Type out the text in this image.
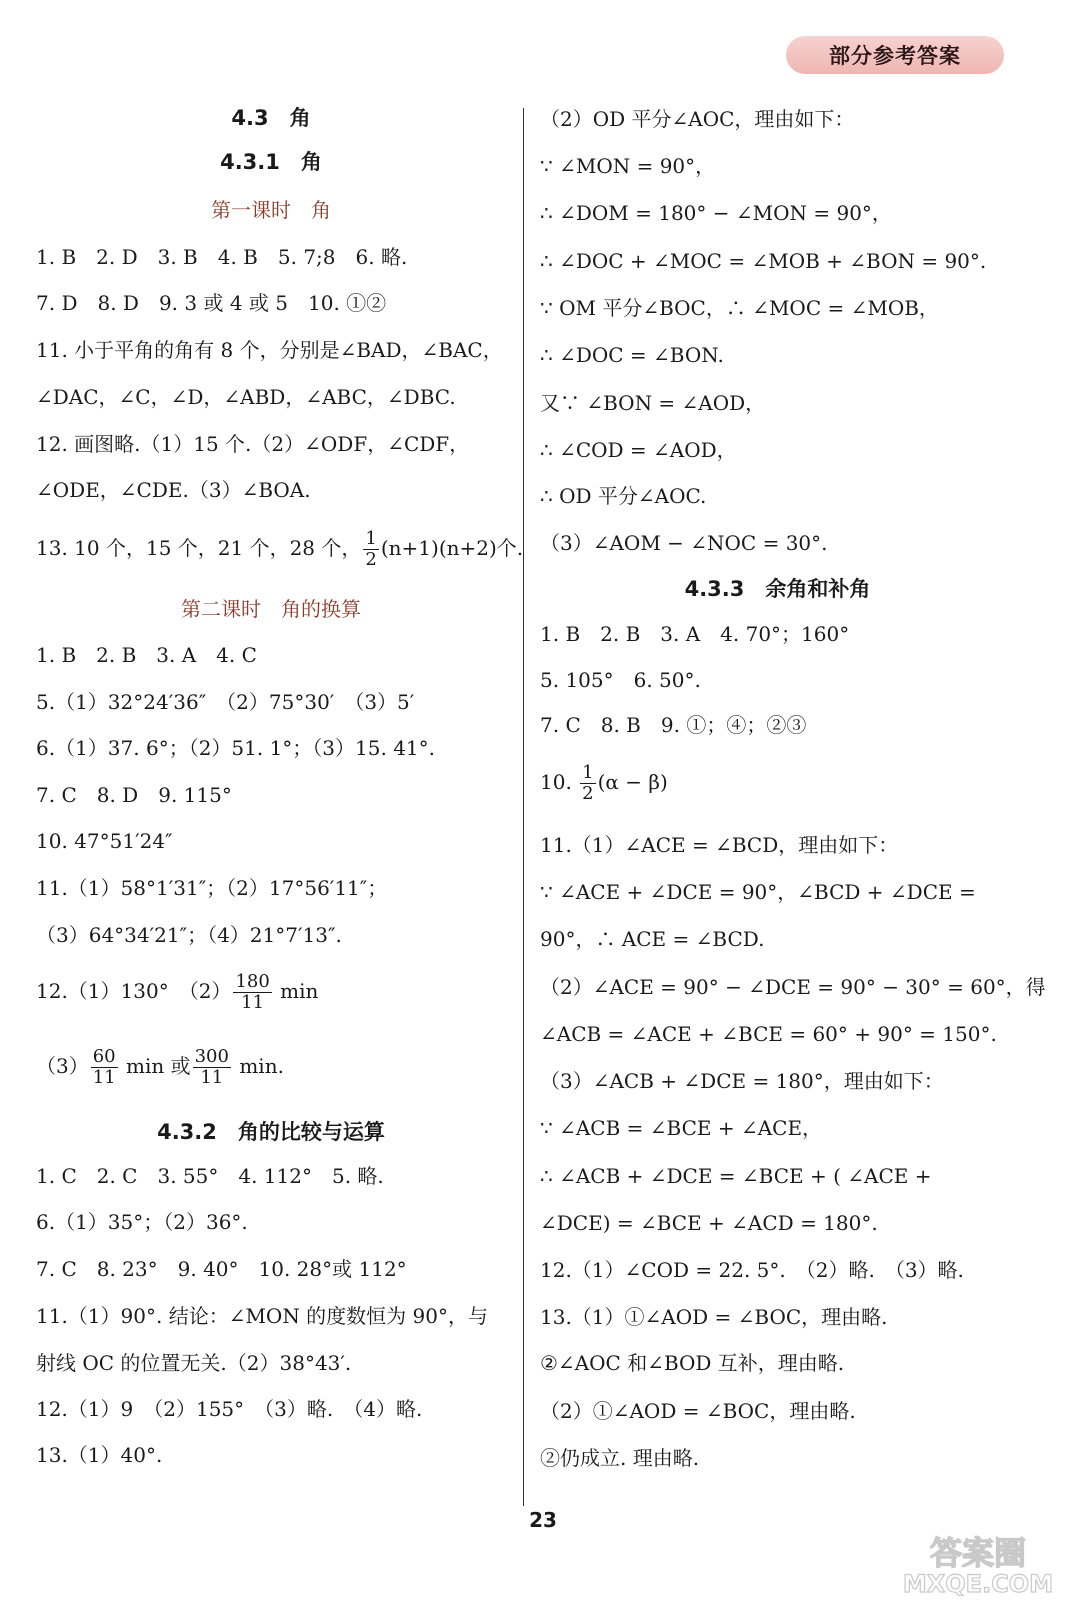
部分参考答案
4.3　角
4.3.1　角
第一课时　角
1. B　2. D　3. B　4. B　5. 7;8　6. 略.
7. D　8. D　9. 3 或 4 或 5　10. ①②
11. 小于平角的角有 8 个，分别是∠BAD，∠BAC，
∠DAC，∠C，∠D，∠ABD，∠ABC，∠DBC.
12. 画图略.（1）15 个.（2）∠ODF，∠CDF，
∠ODE，∠CDE.（3）∠BOA.
13. 10 个，15 个，21 个，28 个， $\frac{1}{2} (n+1)(n+2)$个.
第二课时　角的换算
1. B　2. B　3. A　4. C
5.（1）32°24′36″　（2）75°30′　（3）5′
6.（1）37. 6°；（2）51. 1°；（3）15. 41°.
7. C　8. D　9. 115°
10. 47°51′24″
11.（1）58°1′31″；（2）17°56′11″；
（3）64°34′21″；（4）21°7′13″.
12.（1）130°　$(2) \frac{180}{11}$ min
$(3) \frac{60}{11}$ min 或 $\frac{300}{11} \min$.
4.3.2　角的比较与运算
1. C　2. C　3. 55°　4. 112°　5. 略.
6.（1）35°；（2）36°.
7. C　8. 23°　9. 40°　10. 28°或 112°
11.（1）90°. 结论：∠MON 的度数恒为 90°，与
射线 OC 的位置无关.（2）38°43′.
12.（1）9　（2）155°　（3）略.　（4）略.
13.（1）40°.
（2）OD 平分∠AOC，理由如下：
∵ ∠MON = 90°，
∴ ∠DOM = 180° − ∠MON = 90°，
∴ ∠DOC + ∠MOC = ∠MOB + ∠BON = 90°.
∵ OM 平分∠BOC，∴ ∠MOC = ∠MOB，
∴ ∠DOC = ∠BON.
又∵ ∠BON = ∠AOD，
∴ ∠COD = ∠AOD，
∴ OD 平分∠AOC.
（3）∠AOM − ∠NOC = 30°.
4.3.3　余角和补角
1. B　2. B　3. A　4. 70°；160°
5. 105°　6. 50°.
7. C　8. B　9. ①；④；②③
10. $\frac{1}{2} (\alpha - \beta)$
11.（1）∠ACE = ∠BCD，理由如下：
∵ ∠ACE + ∠DCE = 90°，∠BCD + ∠DCE =
90°，∴ ACE = ∠BCD.
（2）∠ACE = 90° − ∠DCE = 90° − 30° = 60°，得
∠ACB = ∠ACE + ∠BCE = 60° + 90° = 150°.
（3）∠ACB + ∠DCE = 180°，理由如下：
∵ ∠ACB = ∠BCE + ∠ACE，
∴ ∠ACB + ∠DCE = ∠BCE + ( ∠ACE +
∠DCE) = ∠BCE + ∠ACD = 180°.
12.（1）∠COD = 22. 5°.　（2）略.　（3）略.
13.（1）①∠AOD = ∠BOC，理由略.
②∠AOC 和∠BOD 互补，理由略.
（2）①∠AOD = ∠BOC，理由略.
②仍成立. 理由略.
23
答案圈
MXQE.COM
